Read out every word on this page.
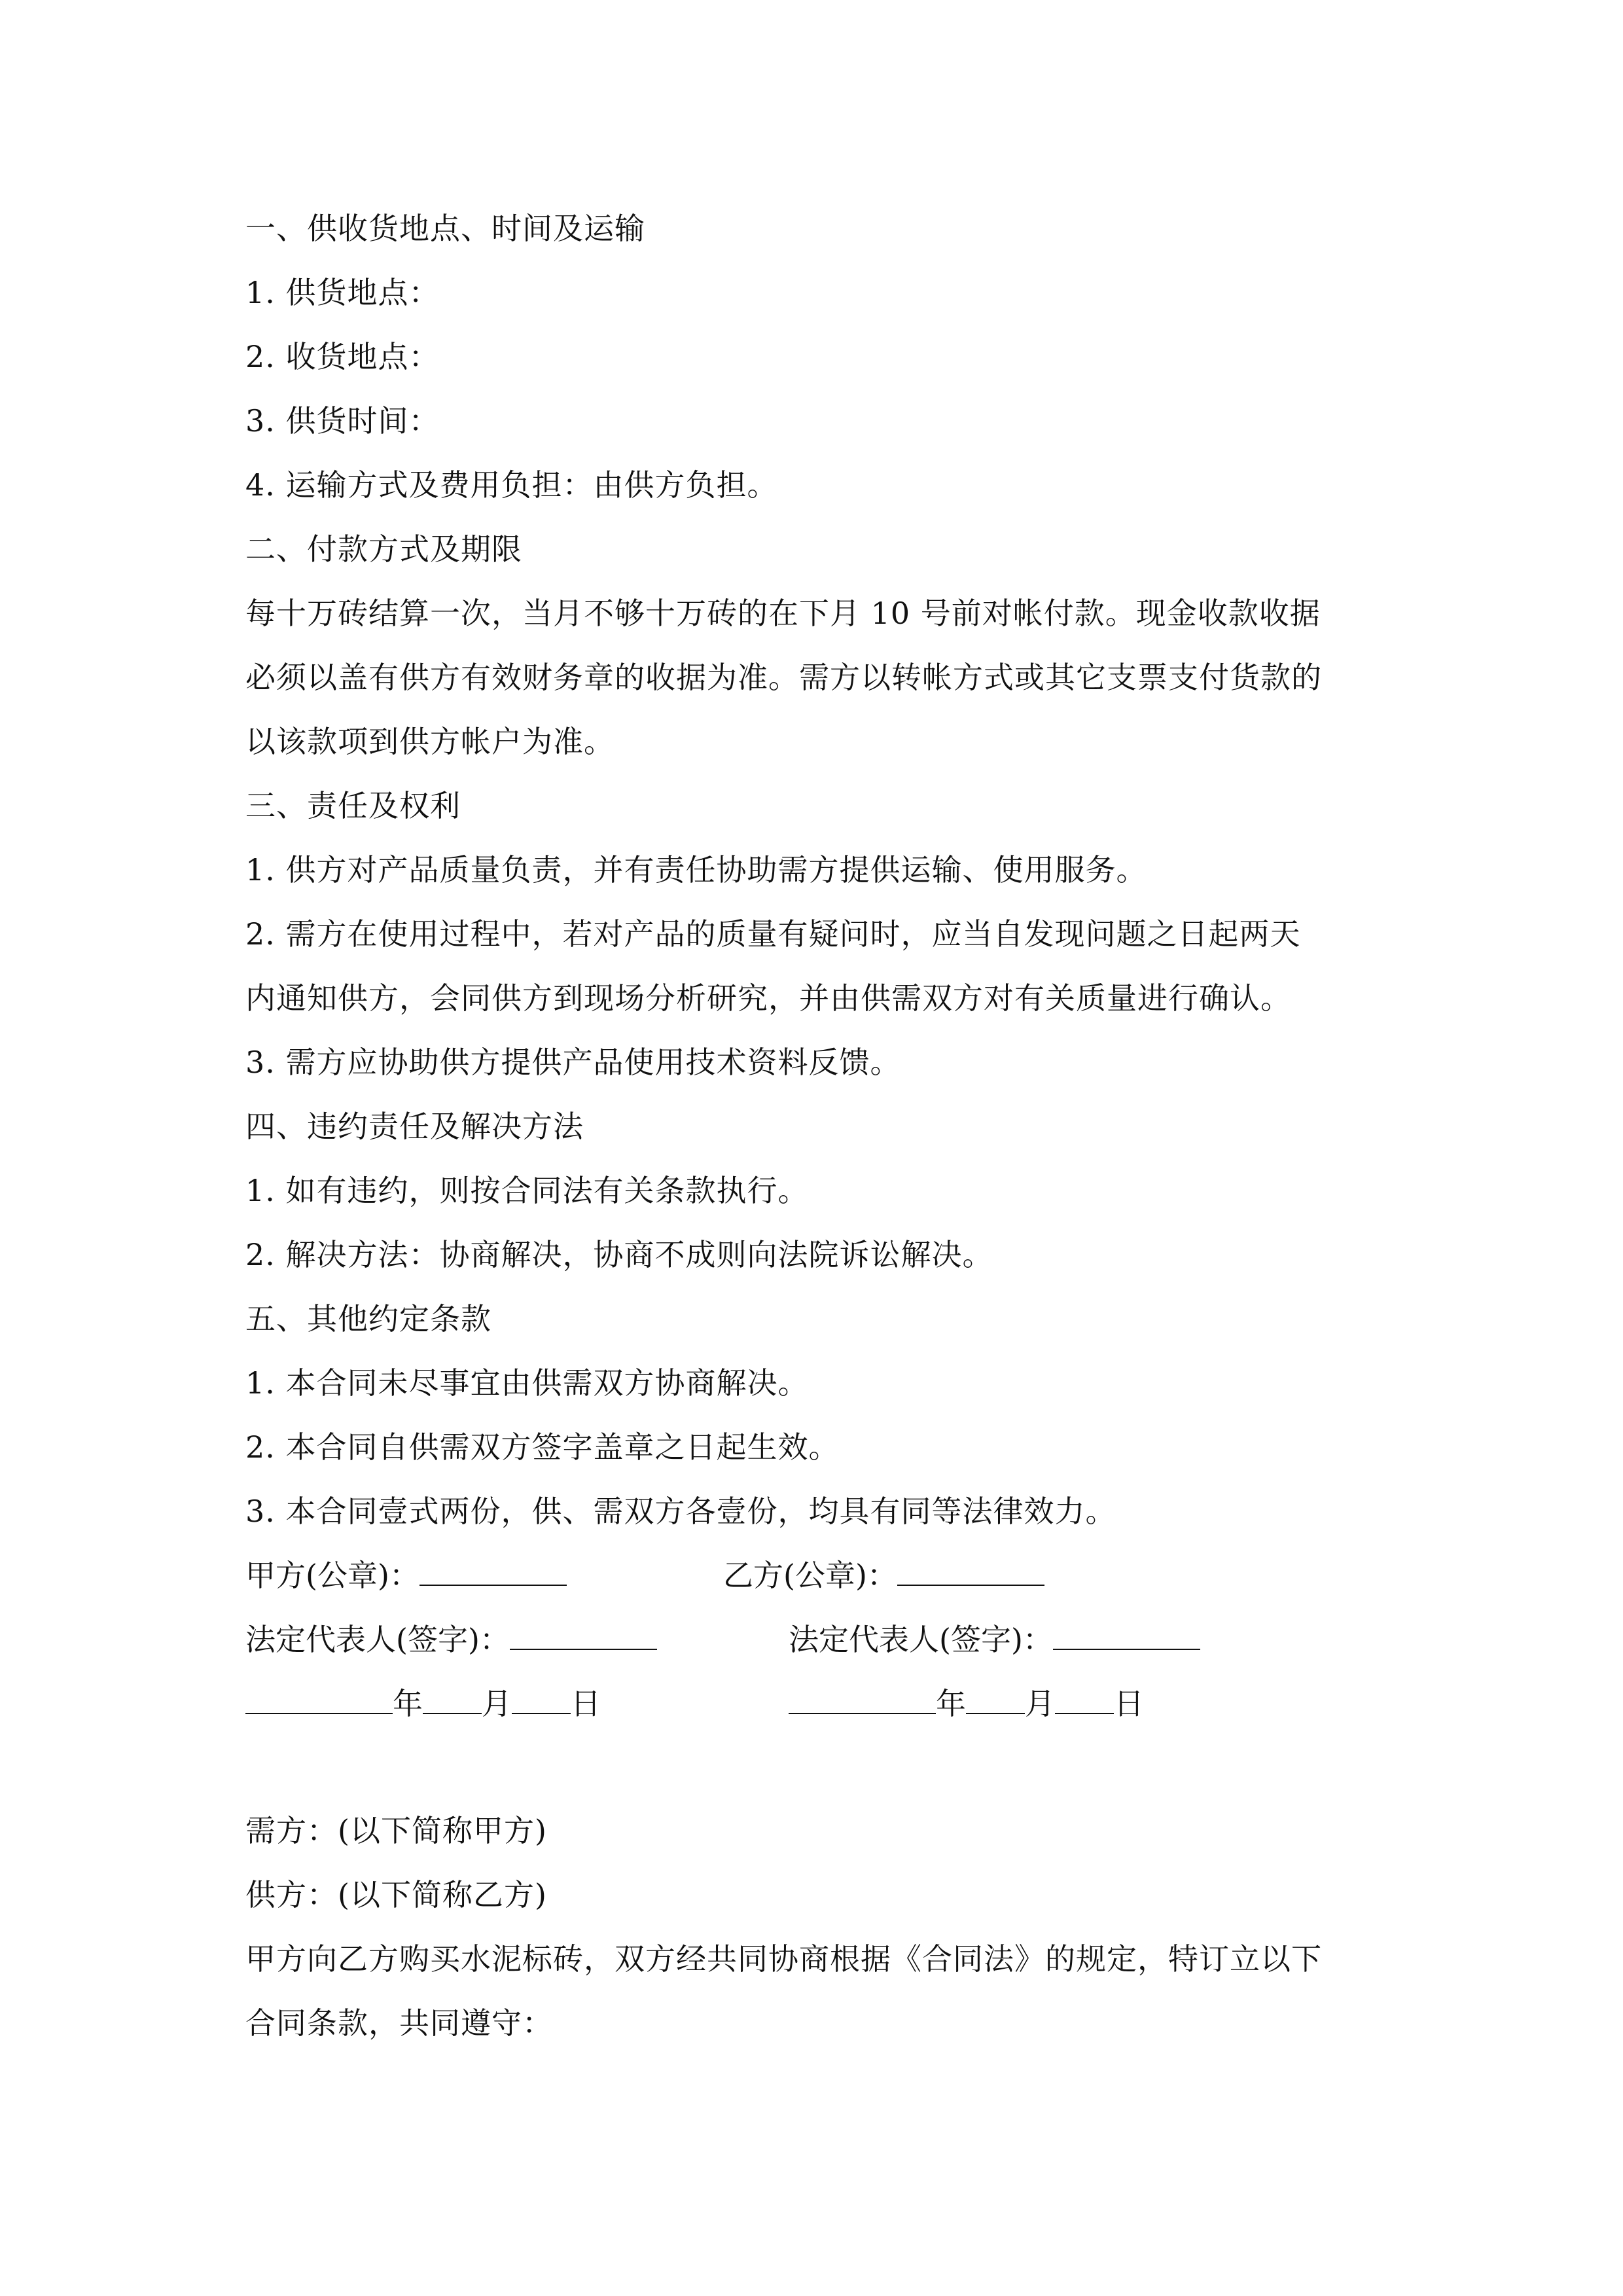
一、供收货地点、时间及运输
1. 供货地点：
2. 收货地点：
3. 供货时间：
4. 运输方式及费用负担：由供方负担。
二、付款方式及期限
每十万砖结算一次，当月不够十万砖的在下月 10 号前对帐付款。现金收款收据
必须以盖有供方有效财务章的收据为准。需方以转帐方式或其它支票支付货款的
以该款项到供方帐户为准。
三、责任及权利
1. 供方对产品质量负责，并有责任协助需方提供运输、使用服务。
2. 需方在使用过程中，若对产品的质量有疑问时，应当自发现问题之日起两天
内通知供方，会同供方到现场分析研究，并由供需双方对有关质量进行确认。
3. 需方应协助供方提供产品使用技术资料反馈。
四、违约责任及解决方法
1. 如有违约，则按合同法有关条款执行。
2. 解决方法：协商解决，协商不成则向法院诉讼解决。
五、其他约定条款
1. 本合同未尽事宜由供需双方协商解决。
2. 本合同自供需双方签字盖章之日起生效。
3. 本合同壹式两份，供、需双方各壹份，均具有同等法律效力。
甲方(公章)：	乙方(公章)：
法定代表人(签字)：	法定代表人(签字)：
年 月 日	年 月 日
需方：(以下简称甲方)
供方：(以下简称乙方)
甲方向乙方购买水泥标砖，双方经共同协商根据《合同法》的规定，特订立以下
合同条款，共同遵守：
